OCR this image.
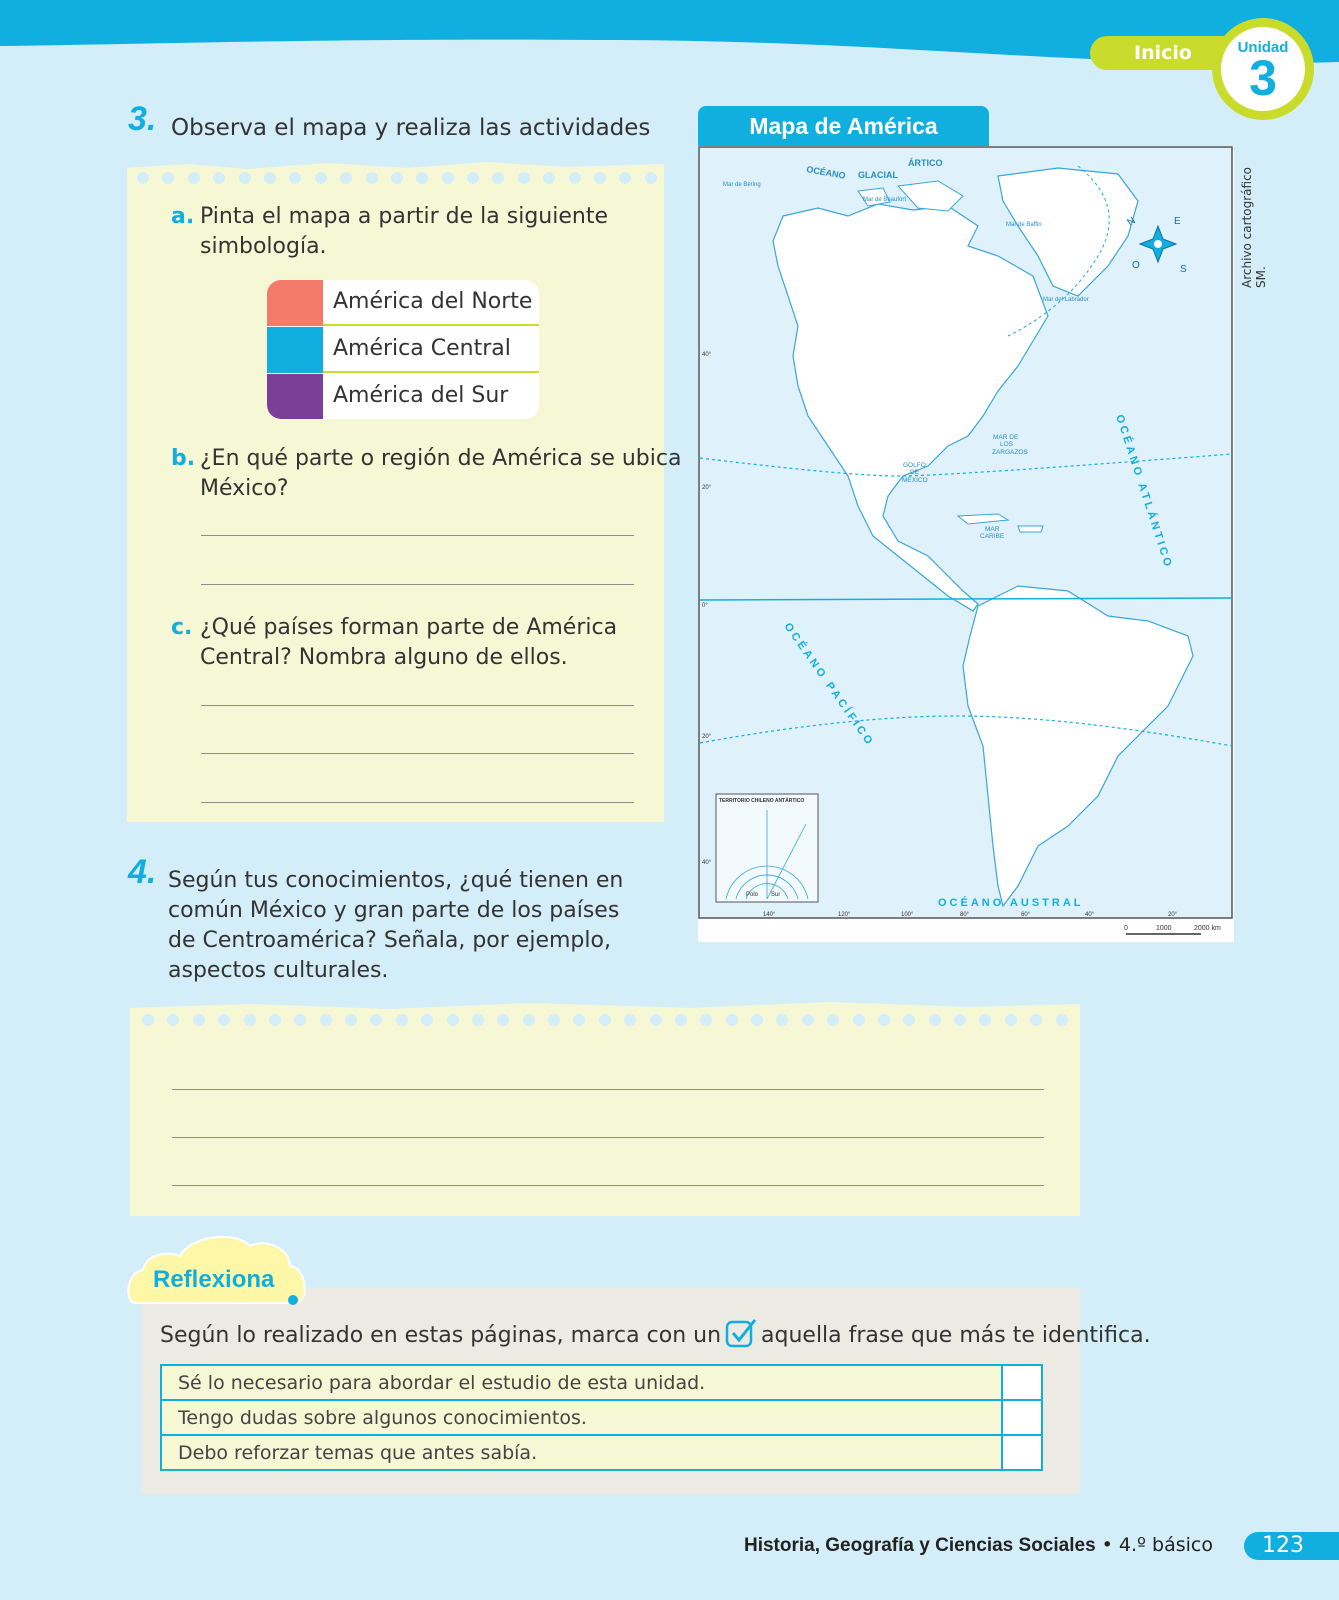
Inicio	Unidad
3
3. Observa el mapa y realiza las actividades
a. Pinta el mapa a partir de la siguiente
simbología.
América del Norte
América Central
América del Sur
b. ¿En qué parte o región de América se ubica
México?
c. ¿Qué países forman parte de América
Central? Nombra alguno de ellos.
Mapa de América
Archivo cartográfico SM.
N	E
S
O
OCÉANO GLACIAL
ÁRTICO
Mar de Bering
Mar de Beaufort
Mar de Baffin
Mar del Labrador
MAR DE
LOS
ZARGAZOS
GOLFO
DE
MÉXICO
MAR
CARIBE	OCÉANO ATLÁNTICO
OCÉANO PACÍFICO
OCÉANO AUSTRAL
40°
20°
0°
20°
40°
140°	120°	100°	80°	60°	40°	20°
TERRITORIO CHILENO ANTÁRTICO
Polo Sur
0	1000	2000 km
4. Según tus conocimientos, ¿qué tienen en
común México y gran parte de los países
de Centroamérica? Señala, por ejemplo,
aspectos culturales.
Reflexiona
Según lo realizado en estas páginas, marca con un aquella frase que más te identifica.
Sé lo necesario para abordar el estudio de esta unidad.	
Tengo dudas sobre algunos conocimientos.	
Debo reforzar temas que antes sabía.	
Historia, Geografía y Ciencias Sociales • 4.º básico	123
